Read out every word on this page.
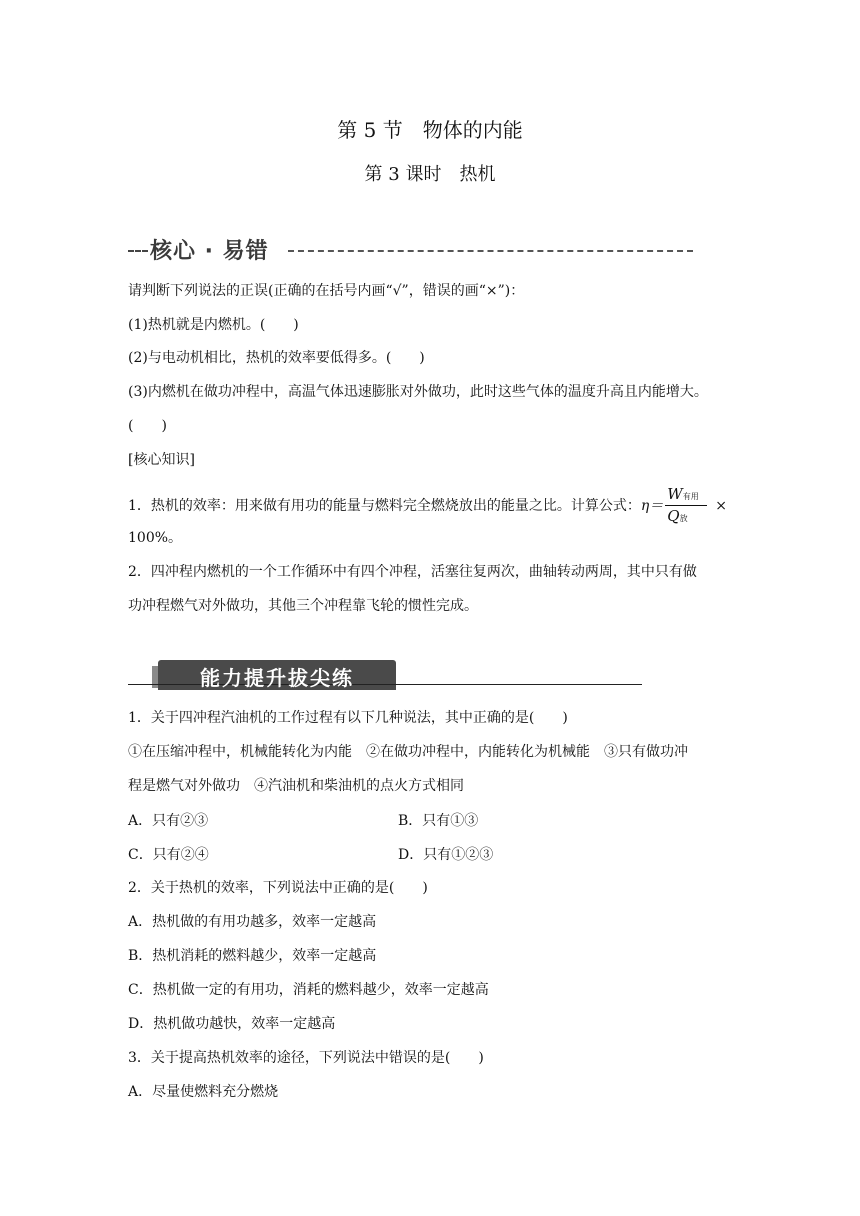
第 5 节　物体的内能
第 3 课时　热机
核心 · 易错
请判断下列说法的正误(正确的在括号内画“√”，错误的画“×”)：
(1)热机就是内燃机。(　　)
(2)与电动机相比，热机的效率要低得多。(　　)
(3)内燃机在做功冲程中，高温气体迅速膨胀对外做功，此时这些气体的温度升高且内能增大。
(　　)
[核心知识]
1．热机的效率：用来做有用功的能量与燃料完全燃烧放出的能量之比。计算公式：$\eta= \frac{\text{W有用}}{\text{Q放}}$ ×
100%。
2．四冲程内燃机的一个工作循环中有四个冲程，活塞往复两次，曲轴转动两周，其中只有做
功冲程燃气对外做功，其他三个冲程靠飞轮的惯性完成。
能力提升拔尖练
1．关于四冲程汽油机的工作过程有以下几种说法，其中正确的是(　　)
①在压缩冲程中，机械能转化为内能　②在做功冲程中，内能转化为机械能　③只有做功冲
程是燃气对外做功　④汽油机和柴油机的点火方式相同
A．只有②③	B．只有①③
C．只有②④	D．只有①②③
2．关于热机的效率，下列说法中正确的是(　　)
A．热机做的有用功越多，效率一定越高
B．热机消耗的燃料越少，效率一定越高
C．热机做一定的有用功，消耗的燃料越少，效率一定越高
D．热机做功越快，效率一定越高
3．关于提高热机效率的途径，下列说法中错误的是(　　)
A．尽量使燃料充分燃烧
